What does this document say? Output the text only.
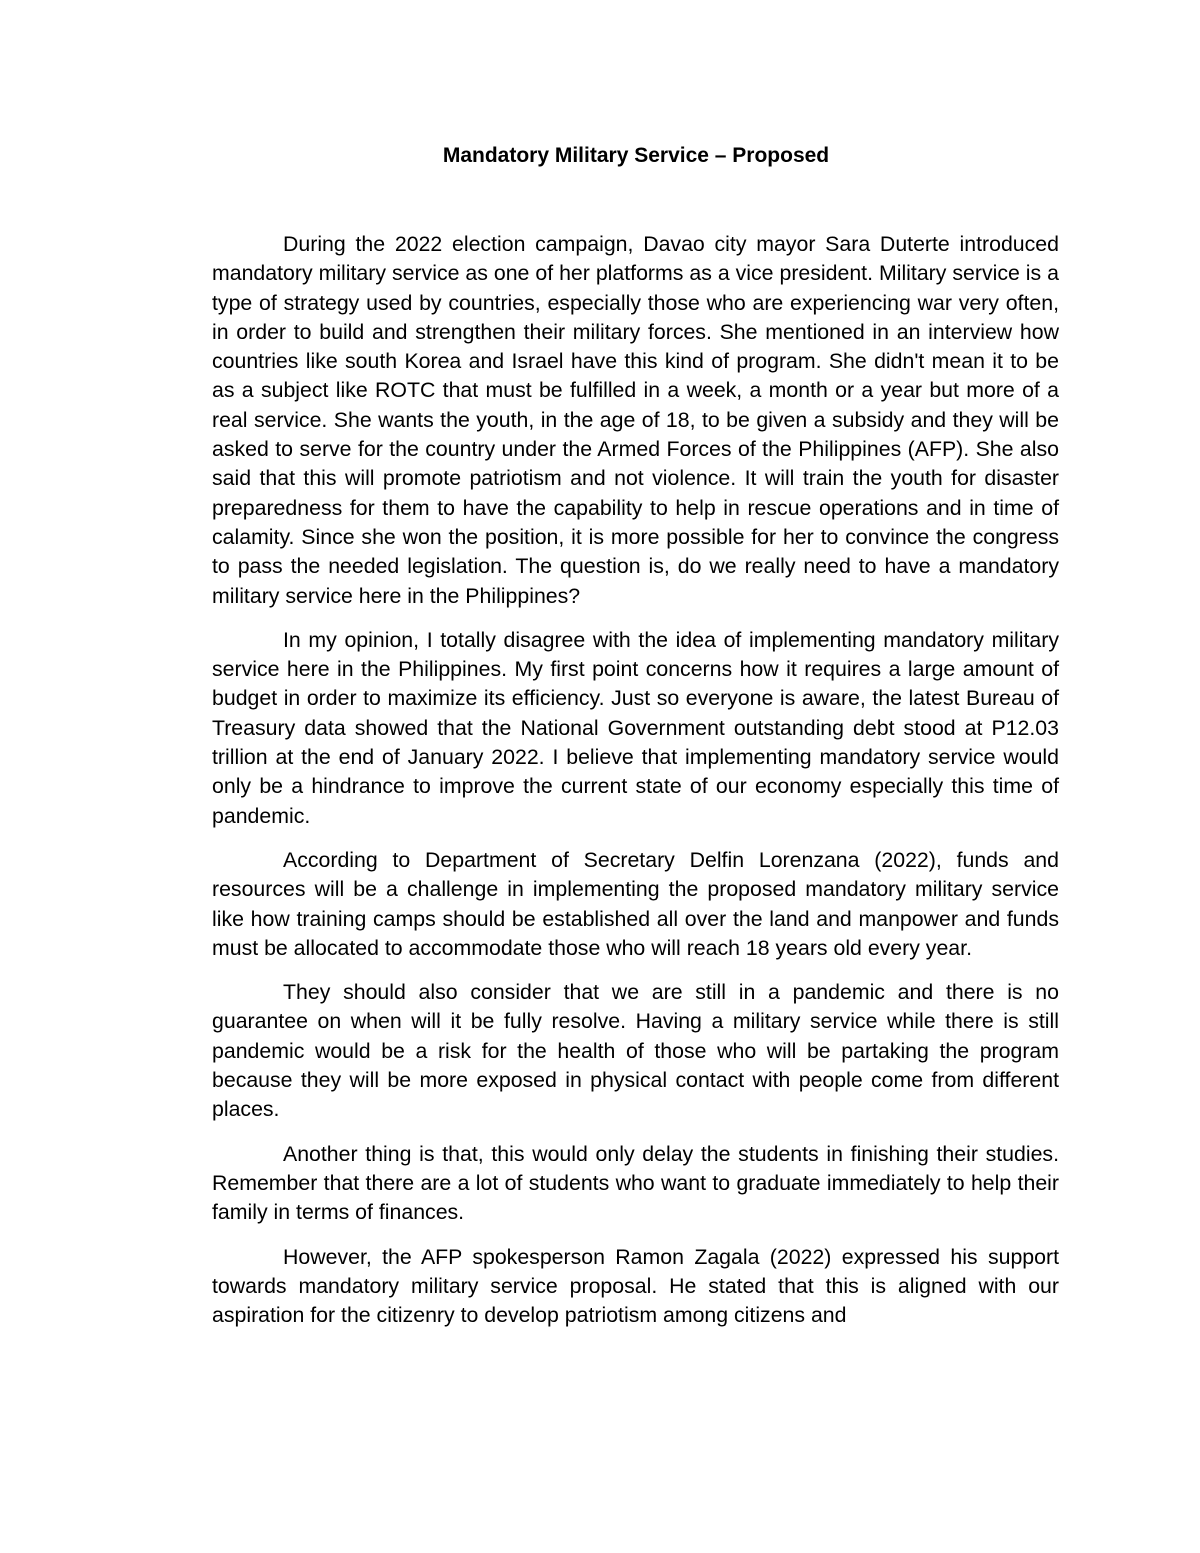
Mandatory Military Service – Proposed

During the 2022 election campaign, Davao city mayor Sara Duterte introduced mandatory military service as one of her platforms as a vice president. Military service is a type of strategy used by countries, especially those who are experiencing war very often, in order to build and strengthen their military forces. She mentioned in an interview how countries like south Korea and Israel have this kind of program. She didn't mean it to be as a subject like ROTC that must be fulfilled in a week, a month or a year but more of a real service. She wants the youth, in the age of 18, to be given a subsidy and they will be asked to serve for the country under the Armed Forces of the Philippines (AFP). She also said that this will promote patriotism and not violence. It will train the youth for disaster preparedness for them to have the capability to help in rescue operations and in time of calamity. Since she won the position, it is more possible for her to convince the congress to pass the needed legislation. The question is, do we really need to have a mandatory military service here in the Philippines?

In my opinion, I totally disagree with the idea of implementing mandatory military service here in the Philippines. My first point concerns how it requires a large amount of budget in order to maximize its efficiency. Just so everyone is aware, the latest Bureau of Treasury data showed that the National Government outstanding debt stood at P12.03 trillion at the end of January 2022. I believe that implementing mandatory service would only be a hindrance to improve the current state of our economy especially this time of pandemic.

According to Department of Secretary Delfin Lorenzana (2022), funds and resources will be a challenge in implementing the proposed mandatory military service like how training camps should be established all over the land and manpower and funds must be allocated to accommodate those who will reach 18 years old every year.

They should also consider that we are still in a pandemic and there is no guarantee on when will it be fully resolve. Having a military service while there is still pandemic would be a risk for the health of those who will be partaking the program because they will be more exposed in physical contact with people come from different places.

Another thing is that, this would only delay the students in finishing their studies. Remember that there are a lot of students who want to graduate immediately to help their family in terms of finances.

However, the AFP spokesperson Ramon Zagala (2022) expressed his support towards mandatory military service proposal. He stated that this is aligned with our aspiration for the citizenry to develop patriotism among citizens and
